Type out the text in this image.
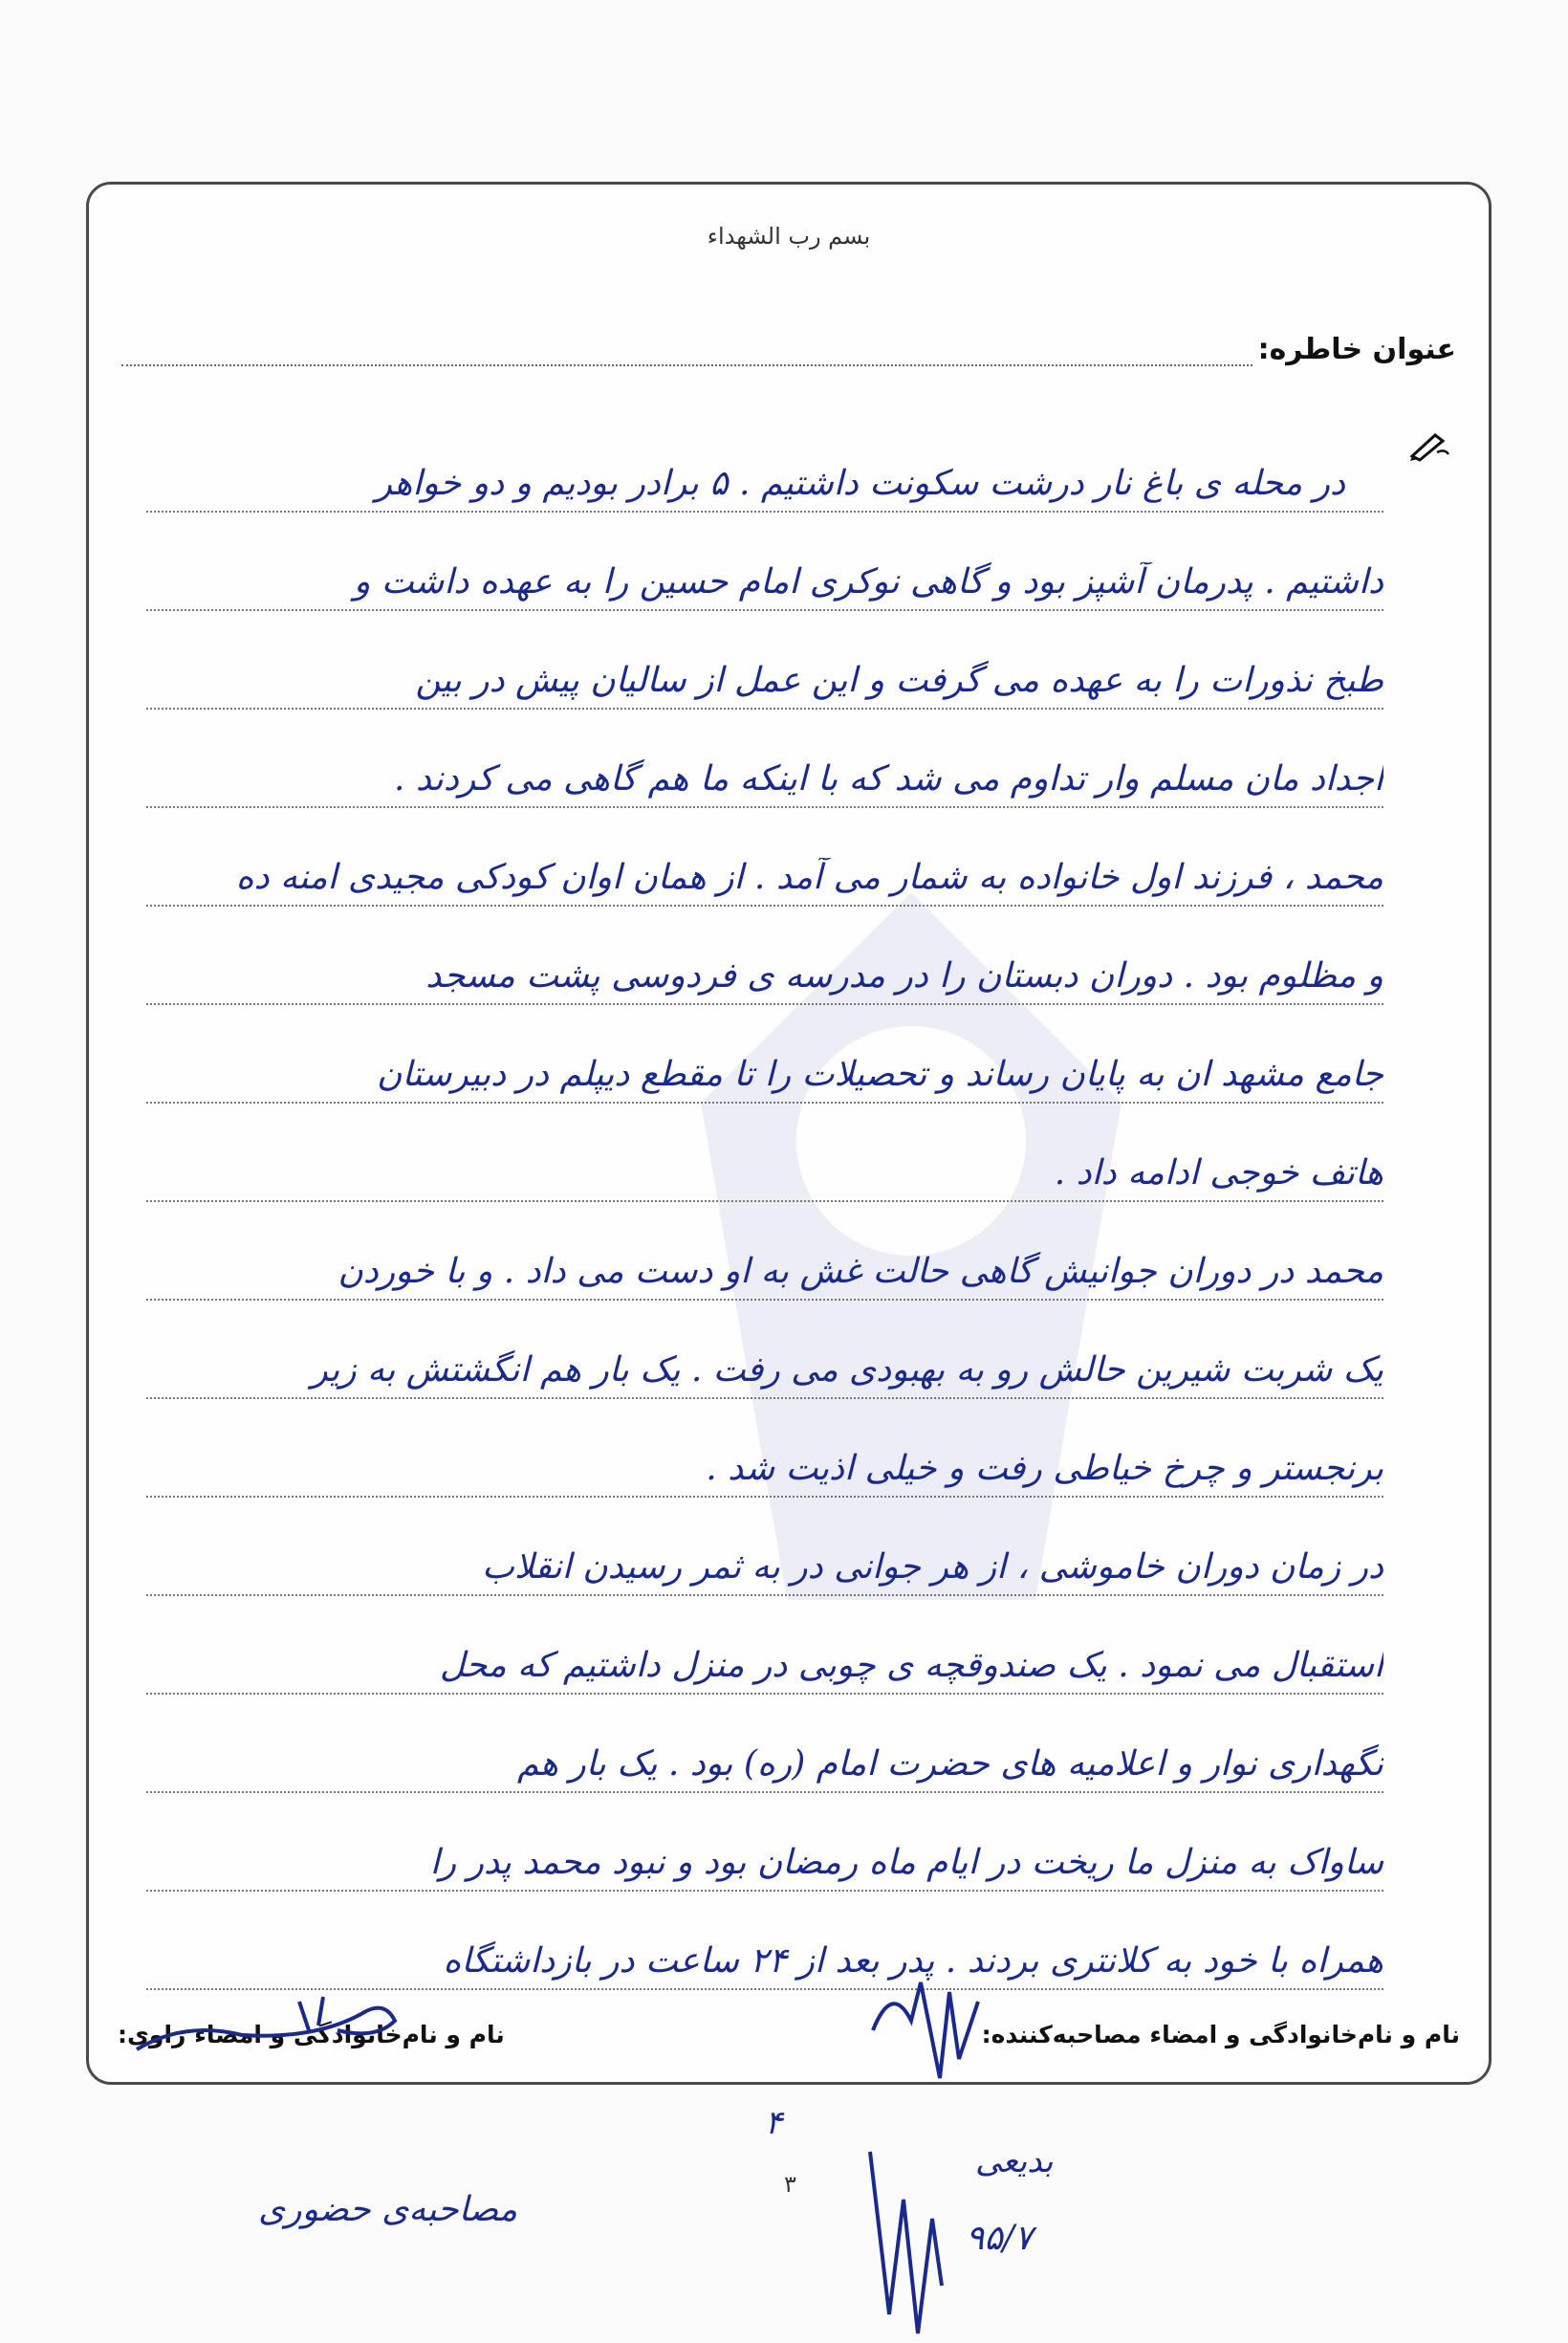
بسم رب الشهداء
عنوان خاطره:
در محله ی باغ نار درشت سکونت داشتیم . ۵ برادر بودیم و دو خواهر
داشتیم . پدرمان آشپز بود و گاهی نوکری امام حسین را به عهده داشت و
طبخ نذورات را به عهده می گرفت و این عمل از سالیان پیش در بین
اجداد مان مسلم وار تداوم می شد که با اینکه ما هم گاهی می کردند .
محمد ، فرزند اول خانواده به شمار می آمد . از همان اوان کودکی مجیدی امنه ده
و مظلوم بود . دوران دبستان را در مدرسه ی فردوسی پشت مسجد
جامع مشهد ان به پایان رساند و تحصیلات را تا مقطع دیپلم در دبیرستان
هاتف خوجی ادامه داد .
محمد در دوران جوانیش گاهی حالت غش به او دست می داد . و با خوردن
یک شربت شیرین حالش رو به بهبودی می رفت . یک بار هم انگشتش به زیر
برنجستر و چرخ خیاطی رفت و خیلی اذیت شد .
در زمان دوران خاموشی ، از هر جوانی در به ثمر رسیدن انقلاب
استقبال می نمود . یک صندوقچه ی چوبی در منزل داشتیم که محل
نگهداری نوار و اعلامیه های حضرت امام (ره) بود . یک بار هم
ساواک به منزل ما ریخت در ایام ماه رمضان بود و نبود محمد پدر را
همراه با خود به کلانتری بردند . پدر بعد از ۲۴ ساعت در بازداشتگاه
نام و نام‌خانوادگی و امضاء مصاحبه‌کننده:
نام و نام‌خانوادگی و امضاء راوی:
۳
مصاحبه‌ی حضوری
بدیعی
۹۵/۷
۴
